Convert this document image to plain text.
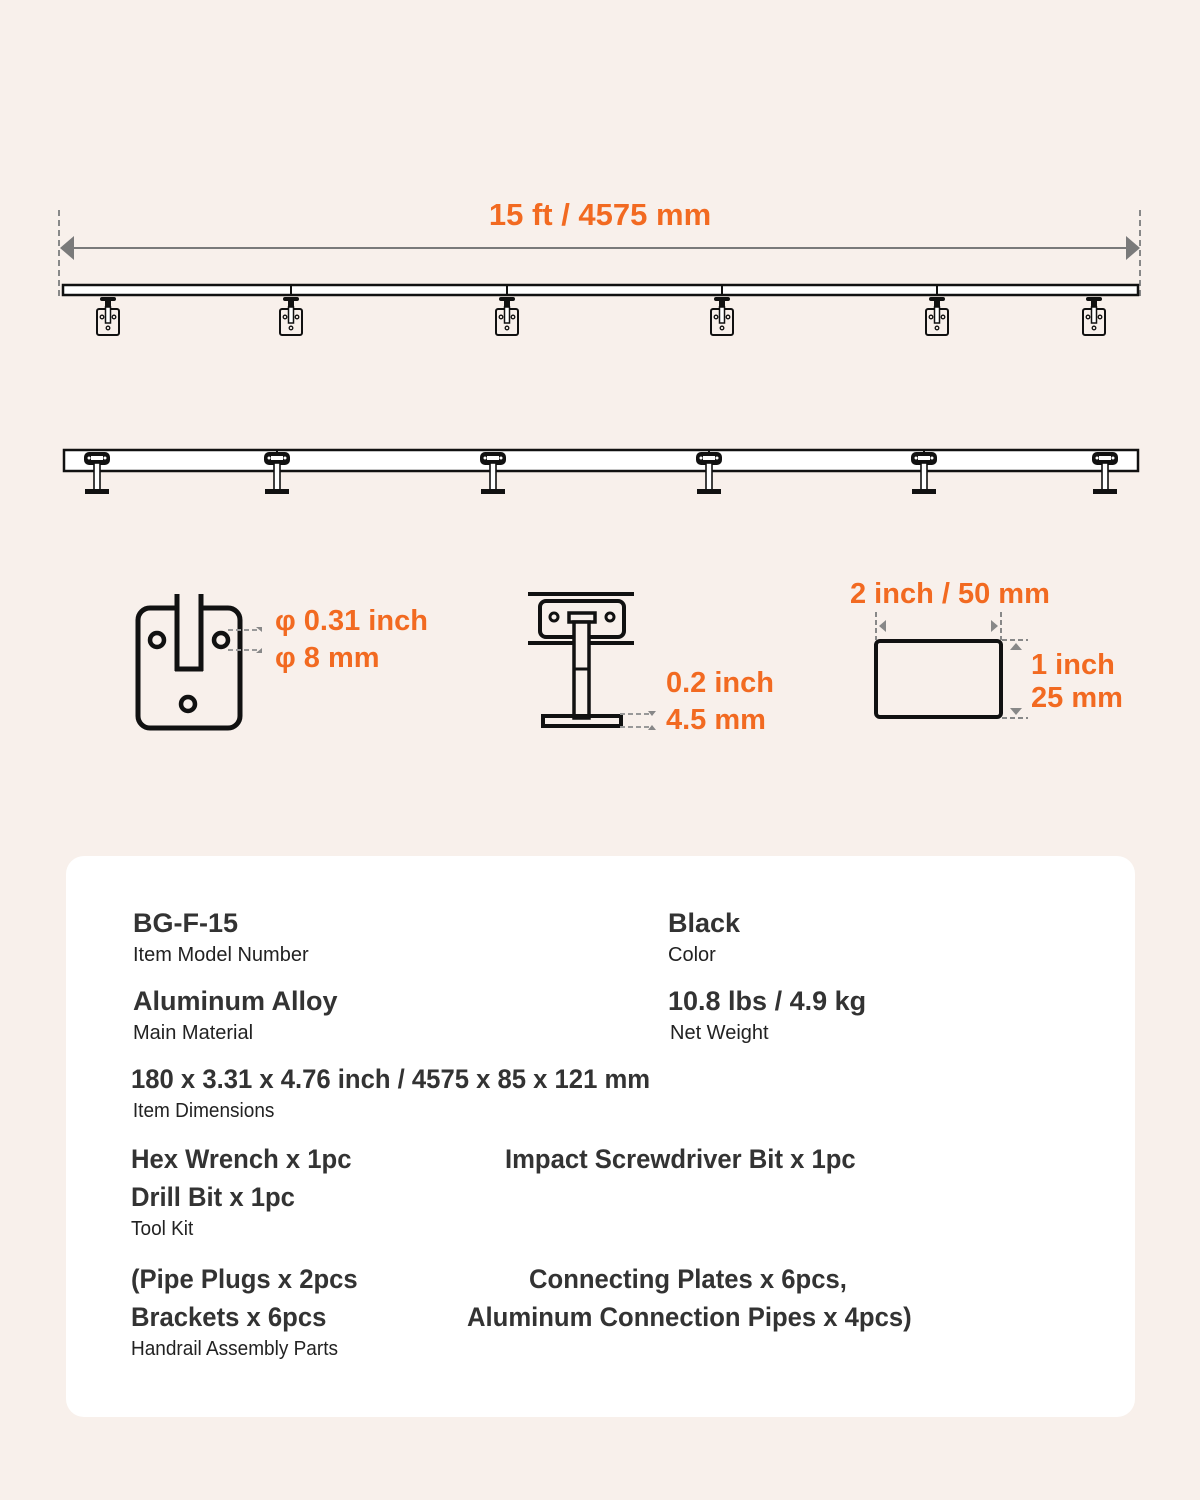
15 ft / 4575 mm
φ 0.31 inch
φ 8 mm
0.2 inch
4.5 mm
2 inch / 50 mm
1 inch
25 mm
BG-F-15
Item Model Number
Black
Color
Aluminum Alloy
Main Material
10.8 lbs / 4.9 kg
Net Weight
180 x 3.31 x 4.76 inch / 4575 x 85 x 121 mm
Item Dimensions
Hex Wrench x 1pc
Drill Bit x 1pc
Tool Kit
Impact Screwdriver Bit x 1pc
(Pipe Plugs x 2pcs
Brackets x 6pcs
Handrail Assembly Parts
Connecting Plates x 6pcs,
Aluminum Connection Pipes x 4pcs)
